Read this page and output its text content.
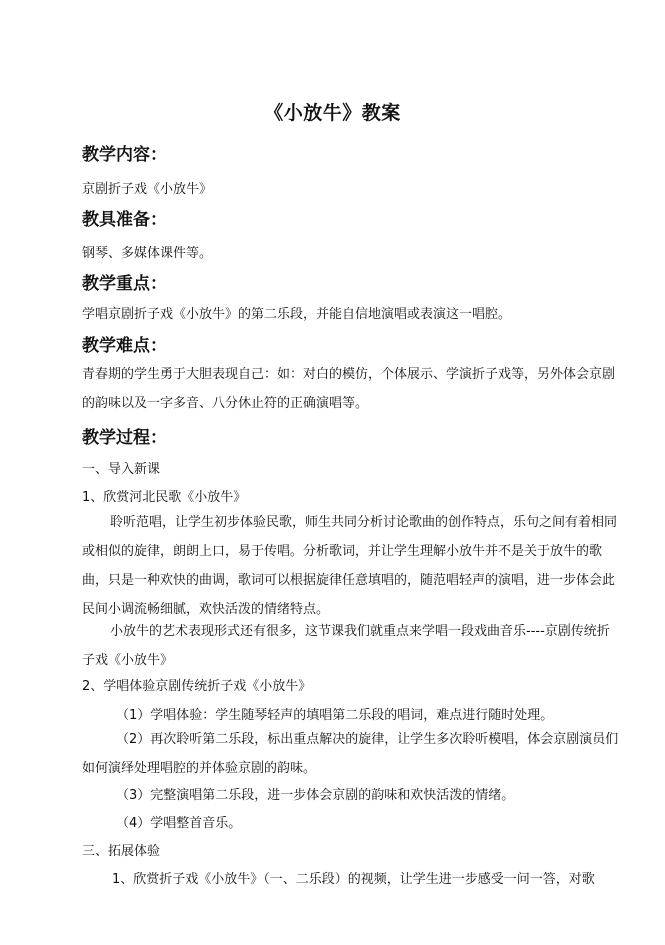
《小放牛》教案
教学内容：
京剧折子戏《小放牛》
教具准备：
钢琴、多媒体课件等。
教学重点：
学唱京剧折子戏《小放牛》的第二乐段，并能自信地演唱或表演这一唱腔。
教学难点：
青春期的学生勇于大胆表现自己：如：对白的模仿，个体展示、学演折子戏等，另外体会京剧的韵味以及一字多音、八分休止符的正确演唱等。
教学过程：
一、导入新课
1、欣赏河北民歌《小放牛》
聆听范唱，让学生初步体验民歌，师生共同分析讨论歌曲的创作特点，乐句之间有着相同或相似的旋律，朗朗上口，易于传唱。分析歌词，并让学生理解小放牛并不是关于放牛的歌曲，只是一种欢快的曲调，歌词可以根据旋律任意填唱的，随范唱轻声的演唱，进一步体会此民间小调流畅细腻，欢快活泼的情绪特点。
小放牛的艺术表现形式还有很多，这节课我们就重点来学唱一段戏曲音乐----京剧传统折子戏《小放牛》
2、学唱体验京剧传统折子戏《小放牛》
（1）学唱体验：学生随琴轻声的填唱第二乐段的唱词，难点进行随时处理。
（2）再次聆听第二乐段，标出重点解决的旋律，让学生多次聆听模唱，体会京剧演员们如何演绎处理唱腔的并体验京剧的韵味。
（3）完整演唱第二乐段，进一步体会京剧的韵味和欢快活泼的情绪。
（4）学唱整首音乐。
三、拓展体验
1、欣赏折子戏《小放牛》（一、二乐段）的视频，让学生进一步感受一问一答，对歌
